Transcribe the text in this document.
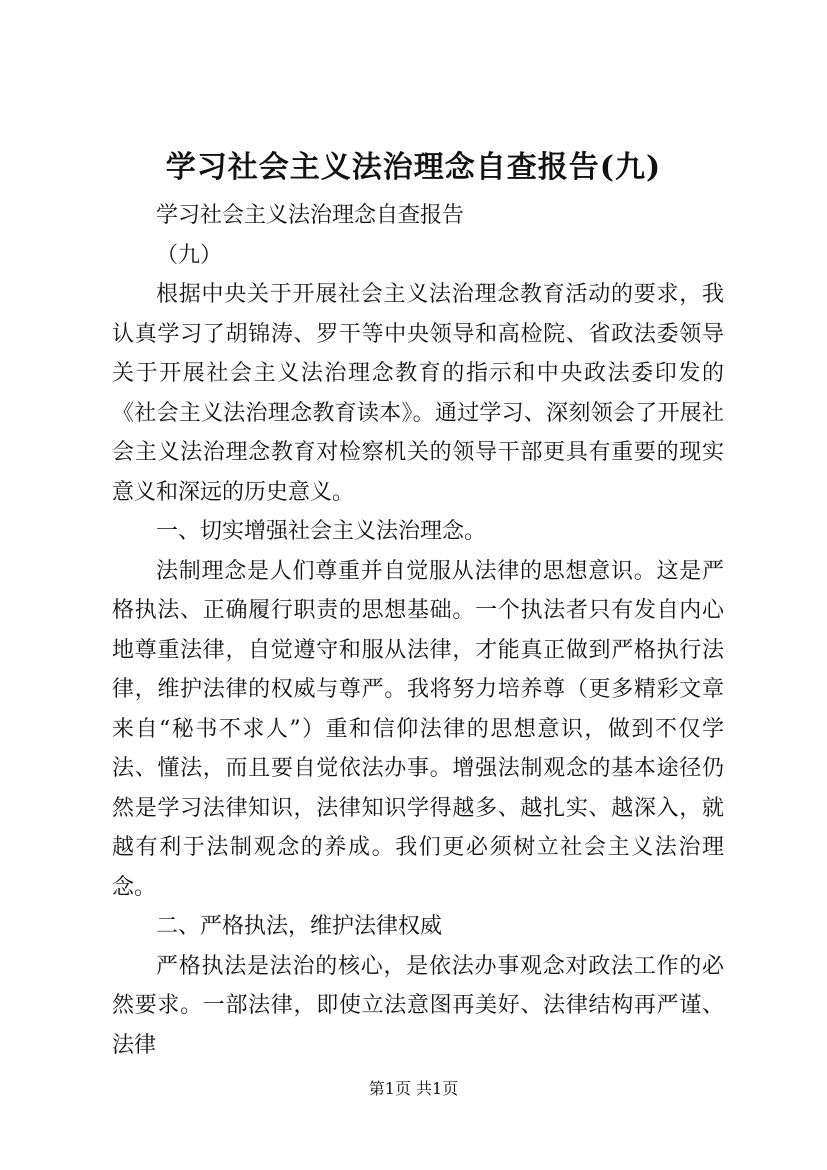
学习社会主义法治理念自查报告(九)

学习社会主义法治理念自查报告

（九）

根据中央关于开展社会主义法治理念教育活动的要求，我认真学习了胡锦涛、罗干等中央领导和高检院、省政法委领导关于开展社会主义法治理念教育的指示和中央政法委印发的《社会主义法治理念教育读本》。通过学习、深刻领会了开展社会主义法治理念教育对检察机关的领导干部更具有重要的现实意义和深远的历史意义。

一、切实增强社会主义法治理念。

法制理念是人们尊重并自觉服从法律的思想意识。这是严格执法、正确履行职责的思想基础。一个执法者只有发自内心地尊重法律，自觉遵守和服从法律，才能真正做到严格执行法律，维护法律的权威与尊严。我将努力培养尊（更多精彩文章来自“秘书不求人”）重和信仰法律的思想意识，做到不仅学法、懂法，而且要自觉依法办事。增强法制观念的基本途径仍然是学习法律知识，法律知识学得越多、越扎实、越深入，就越有利于法制观念的养成。我们更必须树立社会主义法治理念。

二、严格执法，维护法律权威

严格执法是法治的核心，是依法办事观念对政法工作的必然要求。一部法律，即使立法意图再美好、法律结构再严谨、法律

第1页 共1页
